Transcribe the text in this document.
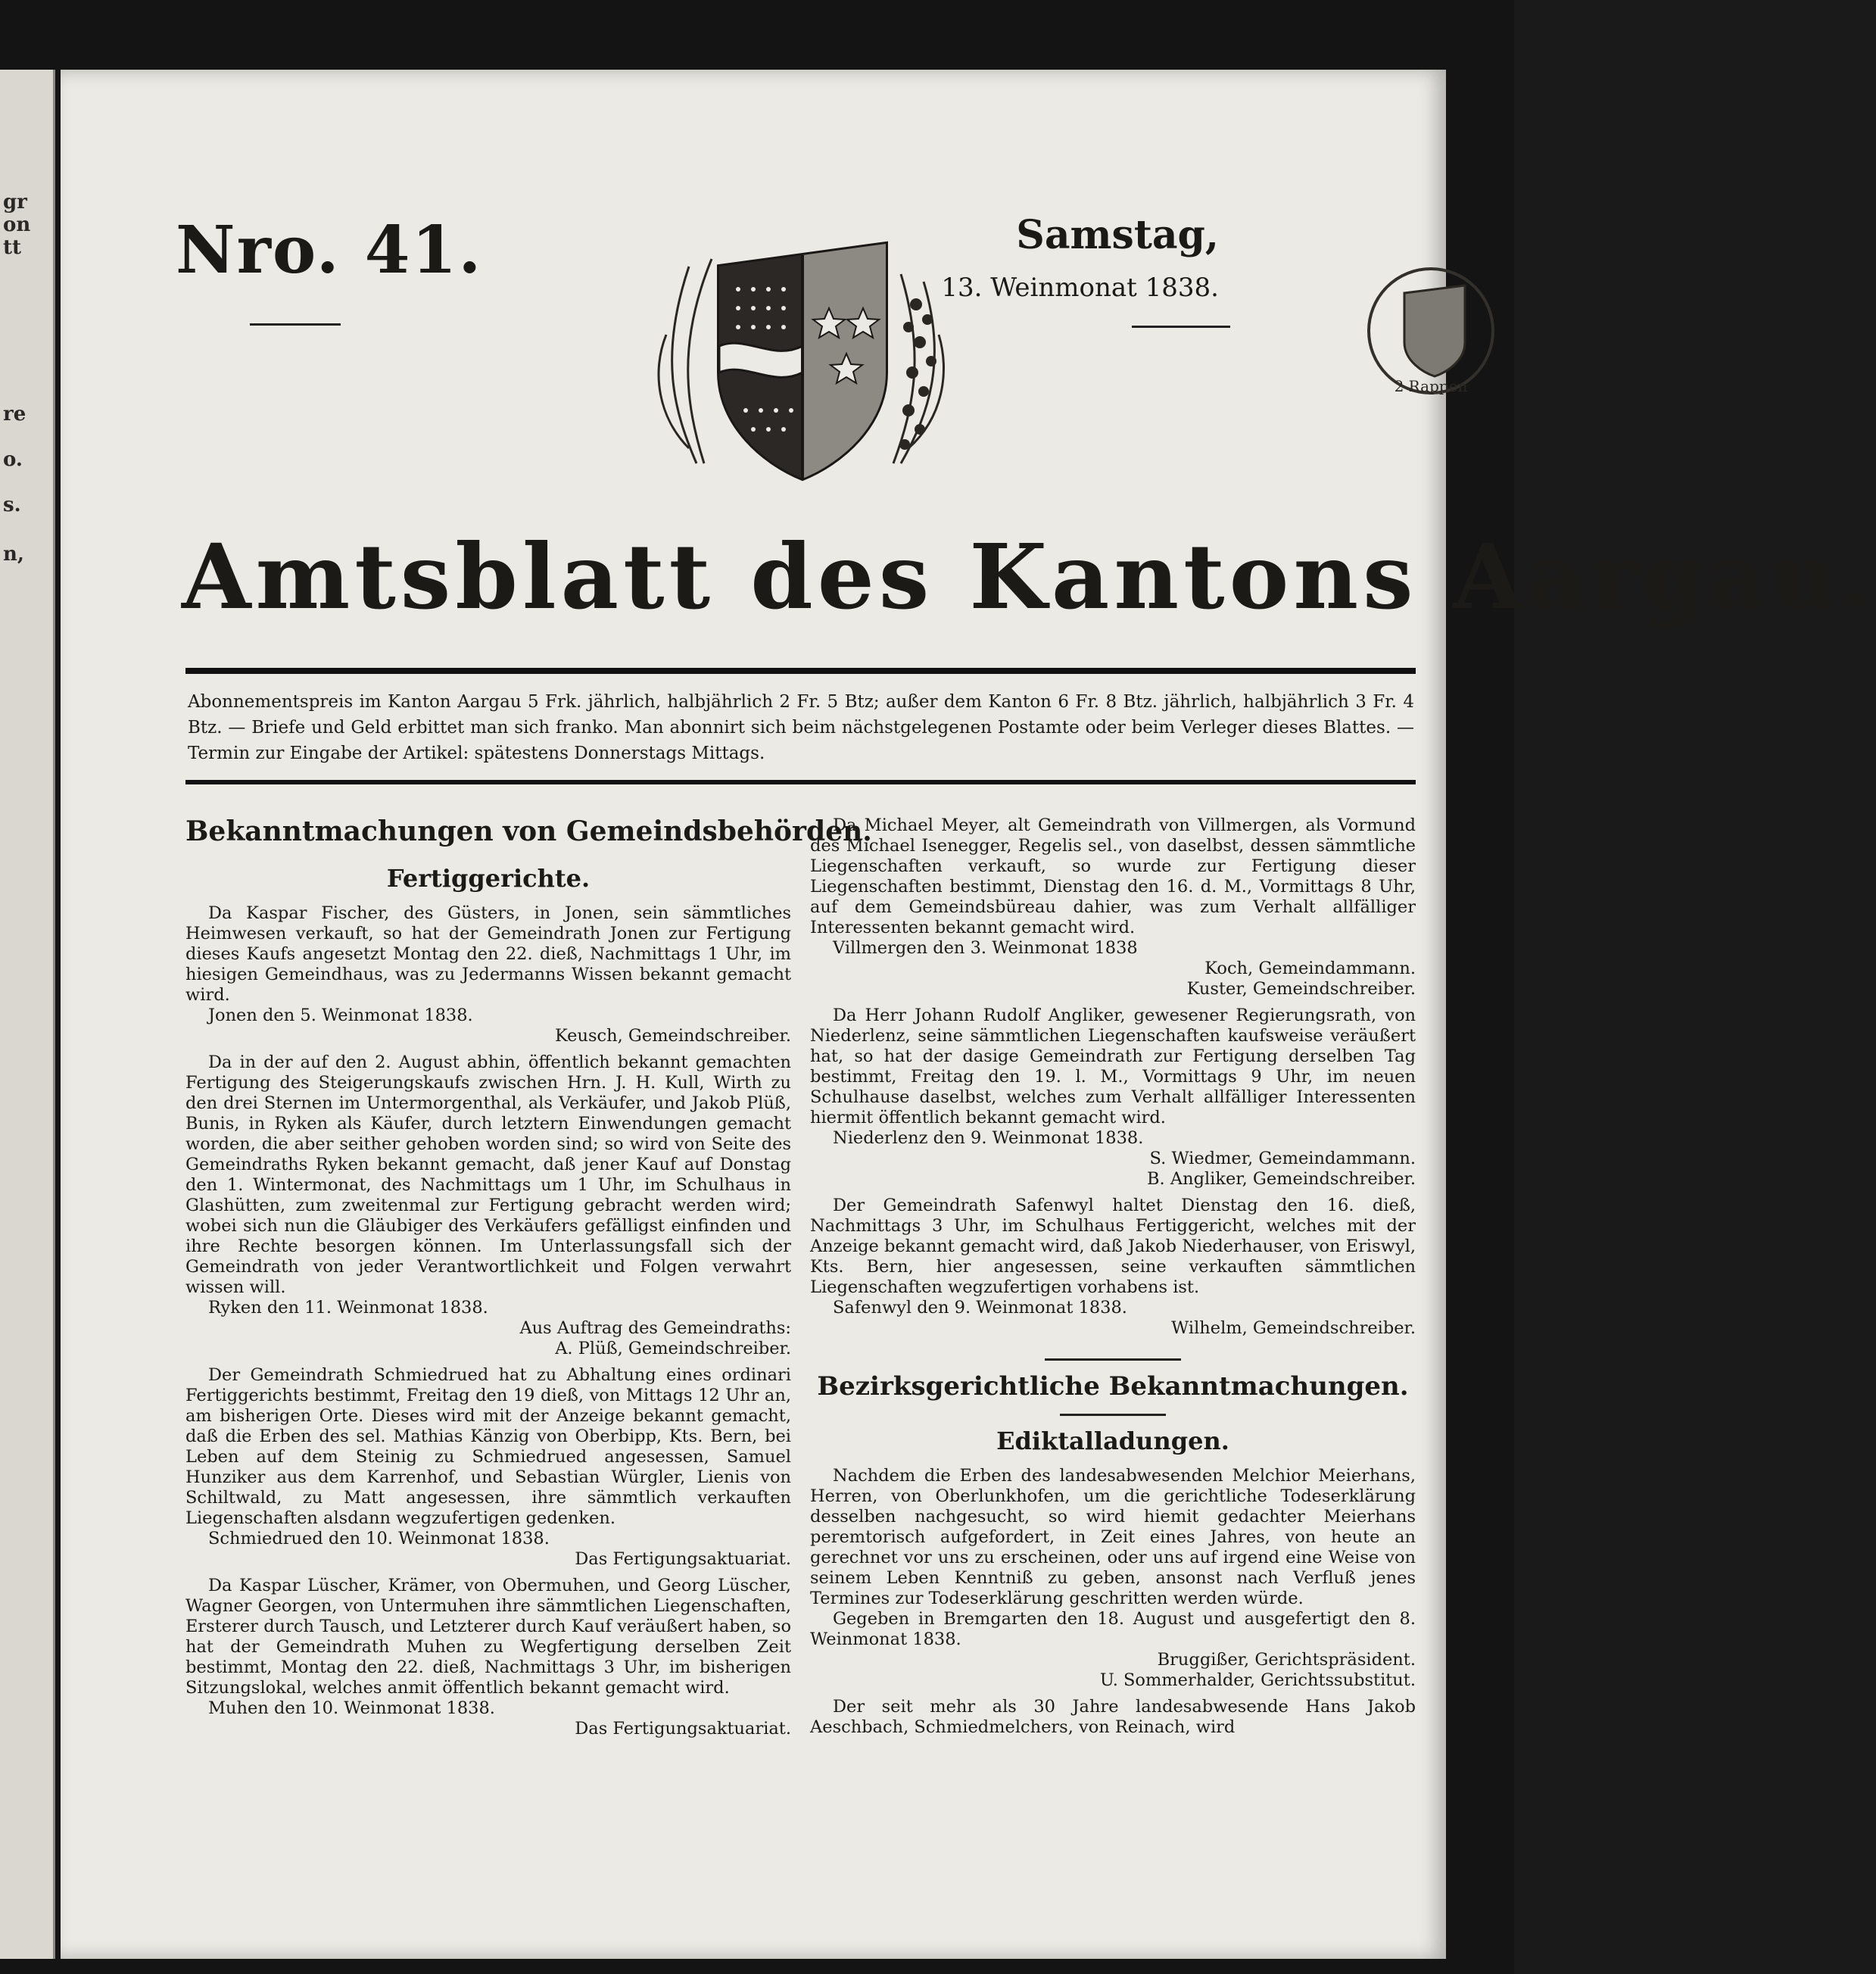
gr
on
tt
re
o.
s.
n,
Nro. 41.	Samstag,
13. Weinmonat 1838.
2 Rappen
Amtsblatt des Kantons Aargau.
Abonnementspreis im Kanton Aargau 5 Frk. jährlich, halbjährlich 2 Fr. 5 Btz; außer dem Kanton 6 Fr. 8 Btz. jährlich, halbjährlich 3 Fr. 4 Btz. — Briefe und Geld erbittet man sich franko. Man abonnirt sich beim nächstgelegenen Postamte oder beim Verleger dieses Blattes. — Termin zur Eingabe der Artikel: spätestens Donnerstags Mittags.
Bekanntmachungen von Gemeindsbehörden.
Fertiggerichte.

Da Kaspar Fischer, des Güsters, in Jonen, sein sämmtliches Heimwesen verkauft, so hat der Gemeindrath Jonen zur Fertigung dieses Kaufs angesetzt Montag den 22. dieß, Nachmittags 1 Uhr, im hiesigen Gemeindhaus, was zu Jedermanns Wissen bekannt gemacht wird.

Jonen den 5. Weinmonat 1838.

Keusch, Gemeindschreiber.

Da in der auf den 2. August abhin, öffentlich bekannt gemachten Fertigung des Steigerungskaufs zwischen Hrn. J. H. Kull, Wirth zu den drei Sternen im Untermorgenthal, als Verkäufer, und Jakob Plüß, Bunis, in Ryken als Käufer, durch letztern Einwendungen gemacht worden, die aber seither gehoben worden sind; so wird von Seite des Gemeindraths Ryken bekannt gemacht, daß jener Kauf auf Donstag den 1. Wintermonat, des Nachmittags um 1 Uhr, im Schulhaus in Glashütten, zum zweitenmal zur Fertigung gebracht werden wird; wobei sich nun die Gläubiger des Verkäufers gefälligst einfinden und ihre Rechte besorgen können. Im Unterlassungsfall sich der Gemeindrath von jeder Verantwortlichkeit und Folgen verwahrt wissen will.

Ryken den 11. Weinmonat 1838.

Aus Auftrag des Gemeindraths:

A. Plüß, Gemeindschreiber.

Der Gemeindrath Schmiedrued hat zu Abhaltung eines ordinari Fertiggerichts bestimmt, Freitag den 19 dieß, von Mittags 12 Uhr an, am bisherigen Orte. Dieses wird mit der Anzeige bekannt gemacht, daß die Erben des sel. Mathias Känzig von Oberbipp, Kts. Bern, bei Leben auf dem Steinig zu Schmiedrued angesessen, Samuel Hunziker aus dem Karrenhof, und Sebastian Würgler, Lienis von Schiltwald, zu Matt angesessen, ihre sämmtlich verkauften Liegenschaften alsdann wegzufertigen gedenken.

Schmiedrued den 10. Weinmonat 1838.

Das Fertigungsaktuariat.

Da Kaspar Lüscher, Krämer, von Obermuhen, und Georg Lüscher, Wagner Georgen, von Untermuhen ihre sämmtlichen Liegenschaften, Ersterer durch Tausch, und Letzterer durch Kauf veräußert haben, so hat der Gemeindrath Muhen zu Wegfertigung derselben Zeit bestimmt, Montag den 22. dieß, Nachmittags 3 Uhr, im bisherigen Sitzungslokal, welches anmit öffentlich bekannt gemacht wird.

Muhen den 10. Weinmonat 1838.

Das Fertigungsaktuariat.

Da Michael Meyer, alt Gemeindrath von Villmergen, als Vormund des Michael Isenegger, Regelis sel., von daselbst, dessen sämmtliche Liegenschaften verkauft, so wurde zur Fertigung dieser Liegenschaften bestimmt, Dienstag den 16. d. M., Vormittags 8 Uhr, auf dem Gemeindsbüreau dahier, was zum Verhalt allfälliger Interessenten bekannt gemacht wird.

Villmergen den 3. Weinmonat 1838

Koch, Gemeindammann.

Kuster, Gemeindschreiber.

Da Herr Johann Rudolf Angliker, gewesener Regierungsrath, von Niederlenz, seine sämmtlichen Liegenschaften kaufsweise veräußert hat, so hat der dasige Gemeindrath zur Fertigung derselben Tag bestimmt, Freitag den 19. l. M., Vormittags 9 Uhr, im neuen Schulhause daselbst, welches zum Verhalt allfälliger Interessenten hiermit öffentlich bekannt gemacht wird.

Niederlenz den 9. Weinmonat 1838.

S. Wiedmer, Gemeindammann.

B. Angliker, Gemeindschreiber.

Der Gemeindrath Safenwyl haltet Dienstag den 16. dieß, Nachmittags 3 Uhr, im Schulhaus Fertiggericht, welches mit der Anzeige bekannt gemacht wird, daß Jakob Niederhauser, von Eriswyl, Kts. Bern, hier angesessen, seine verkauften sämmtlichen Liegenschaften wegzufertigen vorhabens ist.

Safenwyl den 9. Weinmonat 1838.

Wilhelm, Gemeindschreiber.

Bezirksgerichtliche Bekanntmachungen.
Ediktalladungen.

Nachdem die Erben des landesabwesenden Melchior Meierhans, Herren, von Oberlunkhofen, um die gerichtliche Todeserklärung desselben nachgesucht, so wird hiemit gedachter Meierhans peremtorisch aufgefordert, in Zeit eines Jahres, von heute an gerechnet vor uns zu erscheinen, oder uns auf irgend eine Weise von seinem Leben Kenntniß zu geben, ansonst nach Verfluß jenes Termines zur Todeserklärung geschritten werden würde.

Gegeben in Bremgarten den 18. August und ausgefertigt den 8. Weinmonat 1838.

Bruggißer, Gerichtspräsident.

U. Sommerhalder, Gerichtssubstitut.

Der seit mehr als 30 Jahre landesabwesende Hans Jakob Aeschbach, Schmiedmelchers, von Reinach, wird
